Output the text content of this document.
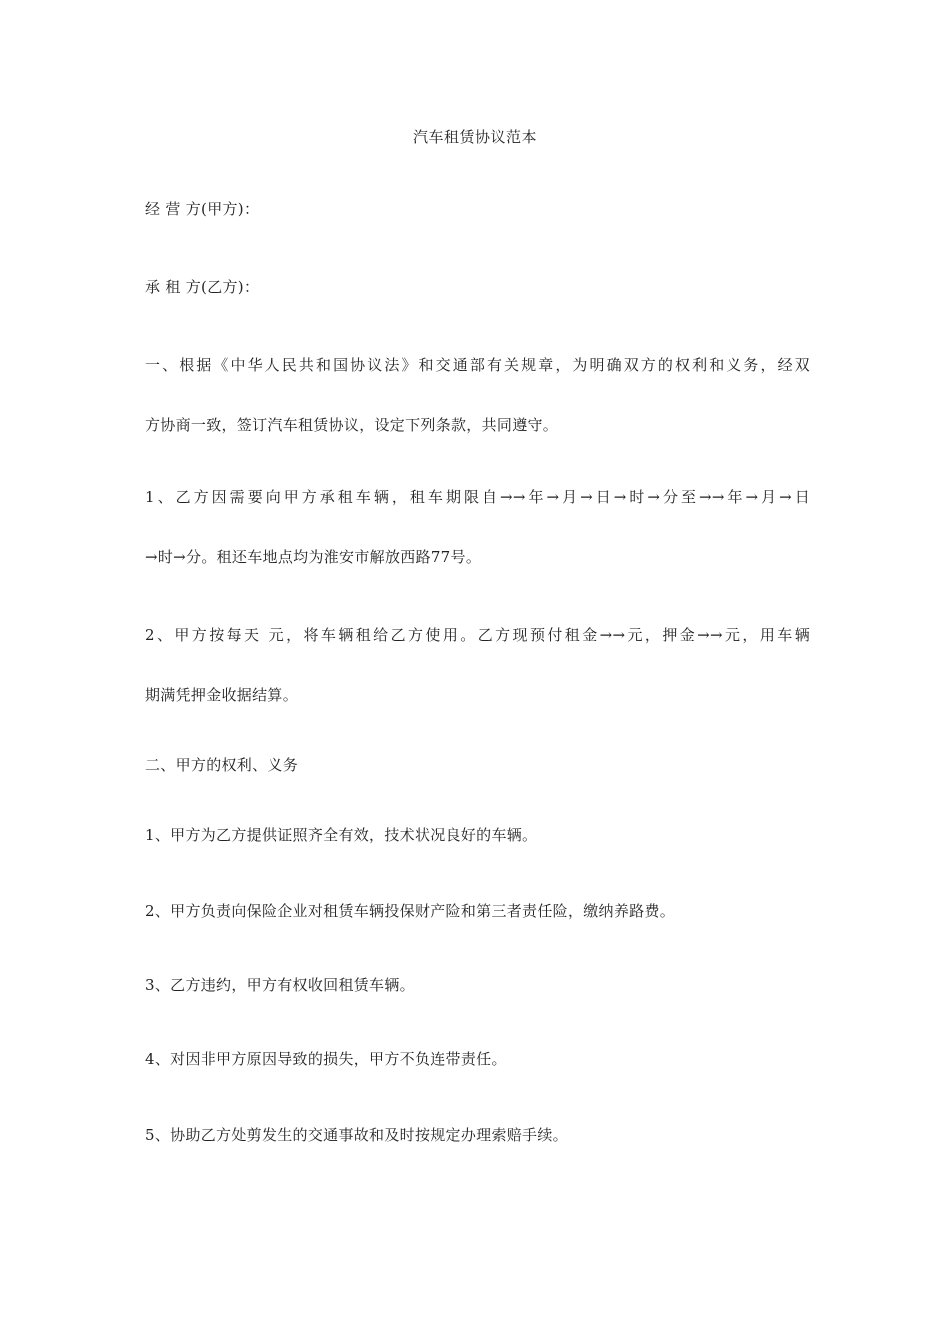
汽车租赁协议范本
经 营 方(甲方)：
承 租 方(乙方)：
一、根据《中华人民共和国协议法》和交通部有关规章，为明确双方的权利和义务，经双
方协商一致，签订汽车租赁协议，设定下列条款，共同遵守。
1、乙方因需要向甲方承租车辆，租车期限自→→年→月→日→时→分至→→年→月→日
→时→分。租还车地点均为淮安市解放西路77号。
2、甲方按每天 元，将车辆租给乙方使用。乙方现预付租金→→元，押金→→元，用车辆
期满凭押金收据结算。
二、甲方的权利、义务
1、甲方为乙方提供证照齐全有效，技术状况良好的车辆。
2、甲方负责向保险企业对租赁车辆投保财产险和第三者责任险，缴纳养路费。
3、乙方违约，甲方有权收回租赁车辆。
4、对因非甲方原因导致的损失，甲方不负连带责任。
5、协助乙方处剪发生的交通事故和及时按规定办理索赔手续。
